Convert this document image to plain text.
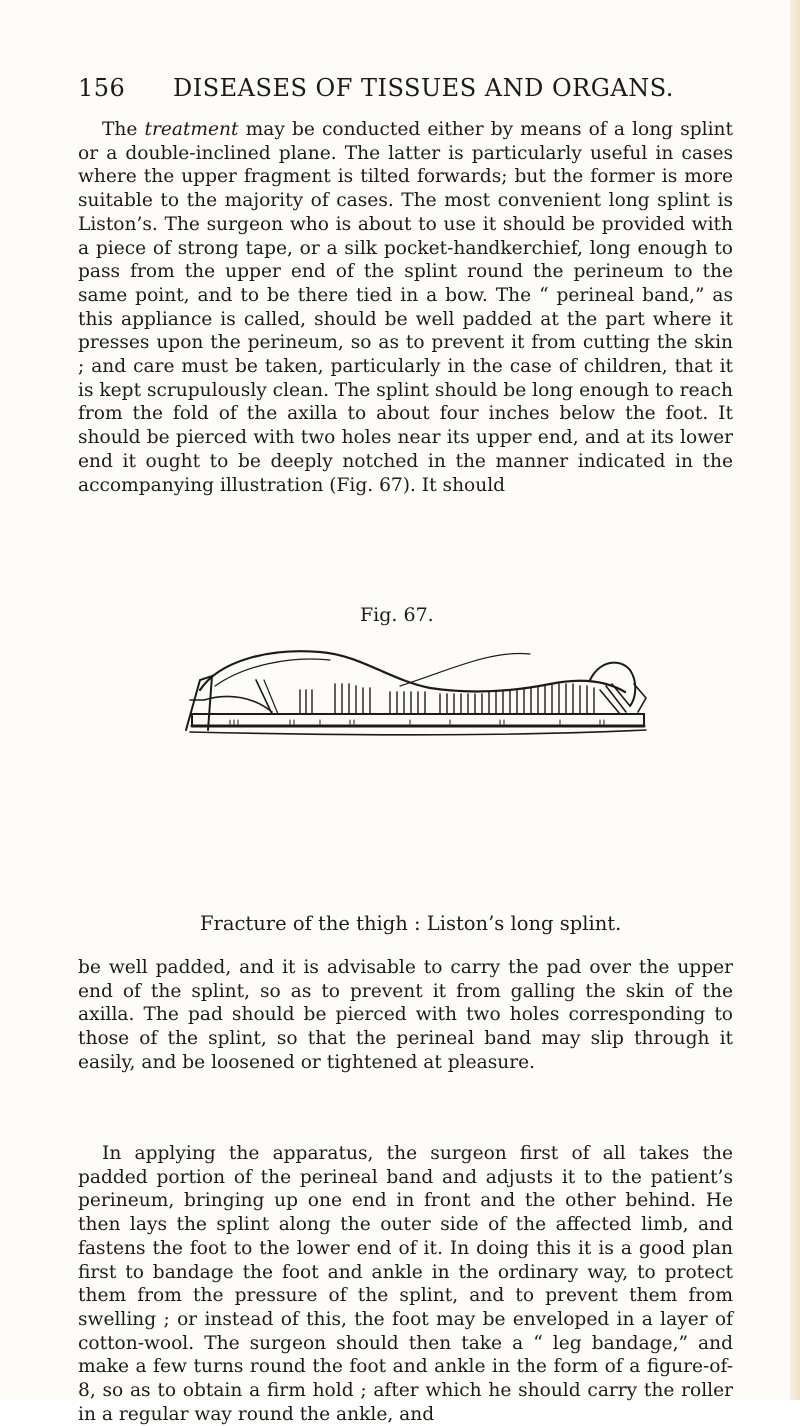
156 DISEASES OF TISSUES AND ORGANS.

The treatment may be conducted either by means of a long splint or a double-inclined plane. The latter is particularly useful in cases where the upper fragment is tilted forwards; but the former is more suitable to the majority of cases. The most convenient long splint is Liston’s. The surgeon who is about to use it should be provided with a piece of strong tape, or a silk pocket-handkerchief, long enough to pass from the upper end of the splint round the perineum to the same point, and to be there tied in a bow. The “ perineal band,” as this appliance is called, should be well padded at the part where it presses upon the perineum, so as to prevent it from cutting the skin ; and care must be taken, particularly in the case of children, that it is kept scrupulously clean. The splint should be long enough to reach from the fold of the axilla to about four inches below the foot. It should be pierced with two holes near its upper end, and at its lower end it ought to be deeply notched in the manner indicated in the accompanying illustration (Fig. 67). It should

Fig. 67.
Fracture of the thigh : Liston’s long splint.

be well padded, and it is advisable to carry the pad over the upper end of the splint, so as to prevent it from galling the skin of the axilla. The pad should be pierced with two holes corresponding to those of the splint, so that the perineal band may slip through it easily, and be loosened or tightened at pleasure.

In applying the apparatus, the surgeon first of all takes the padded portion of the perineal band and adjusts it to the patient’s perineum, bringing up one end in front and the other behind. He then lays the splint along the outer side of the affected limb, and fastens the foot to the lower end of it. In doing this it is a good plan first to bandage the foot and ankle in the ordinary way, to protect them from the pressure of the splint, and to prevent them from swelling ; or instead of this, the foot may be enveloped in a layer of cotton-wool. The surgeon should then take a “ leg bandage,” and make a few turns round the foot and ankle in the form of a figure-of-8, so as to obtain a firm hold ; after which he should carry the roller in a regular way round the ankle, and
